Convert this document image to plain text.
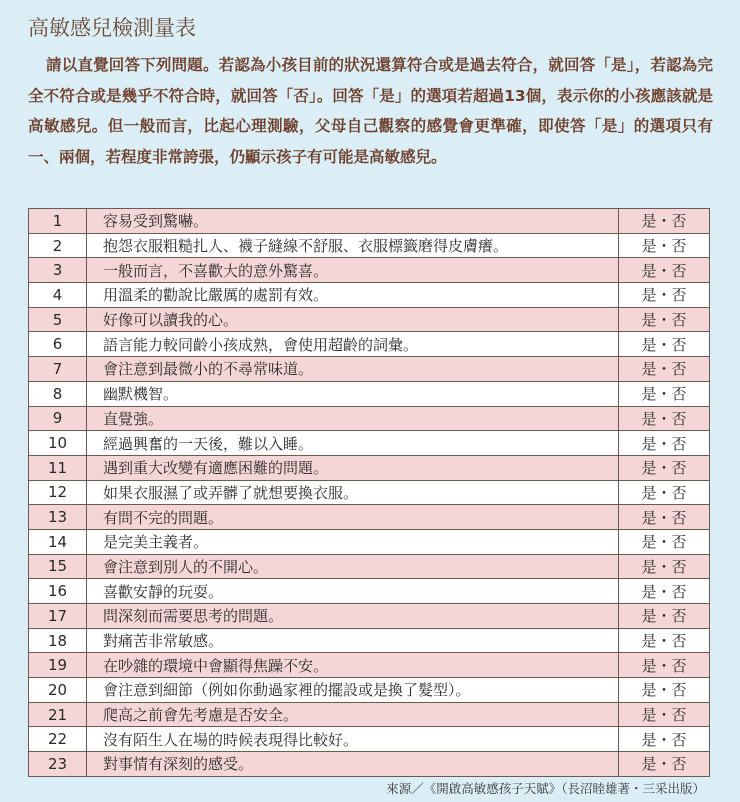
高敏感兒檢測量表
請以直覺回答下列問題。若認為小孩目前的狀況還算符合或是過去符合，就回答「是」，若認為完全不符合或是幾乎不符合時，就回答「否」。回答「是」的選項若超過13個，表示你的小孩應該就是高敏感兒。但一般而言，比起心理測驗，父母自己觀察的感覺會更準確，即使答「是」的選項只有一、兩個，若程度非常誇張，仍顯示孩子有可能是高敏感兒。
1	容易受到驚嚇。	是・否
2	抱怨衣服粗糙扎人、襪子縫線不舒服、衣服標籤磨得皮膚癢。	是・否
3	一般而言，不喜歡大的意外驚喜。	是・否
4	用溫柔的勸說比嚴厲的處罰有效。	是・否
5	好像可以讀我的心。	是・否
6	語言能力較同齡小孩成熟，會使用超齡的詞彙。	是・否
7	會注意到最微小的不尋常味道。	是・否
8	幽默機智。	是・否
9	直覺強。	是・否
10	經過興奮的一天後，難以入睡。	是・否
11	遇到重大改變有適應困難的問題。	是・否
12	如果衣服濕了或弄髒了就想要換衣服。	是・否
13	有問不完的問題。	是・否
14	是完美主義者。	是・否
15	會注意到別人的不開心。	是・否
16	喜歡安靜的玩耍。	是・否
17	問深刻而需要思考的問題。	是・否
18	對痛苦非常敏感。	是・否
19	在吵雜的環境中會顯得焦躁不安。	是・否
20	會注意到細節（例如你動過家裡的擺設或是換了髮型）。	是・否
21	爬高之前會先考慮是否安全。	是・否
22	沒有陌生人在場的時候表現得比較好。	是・否
23	對事情有深刻的感受。	是・否
來源／《開啟高敏感孩子天賦》（長沼睦雄著・三采出版）
